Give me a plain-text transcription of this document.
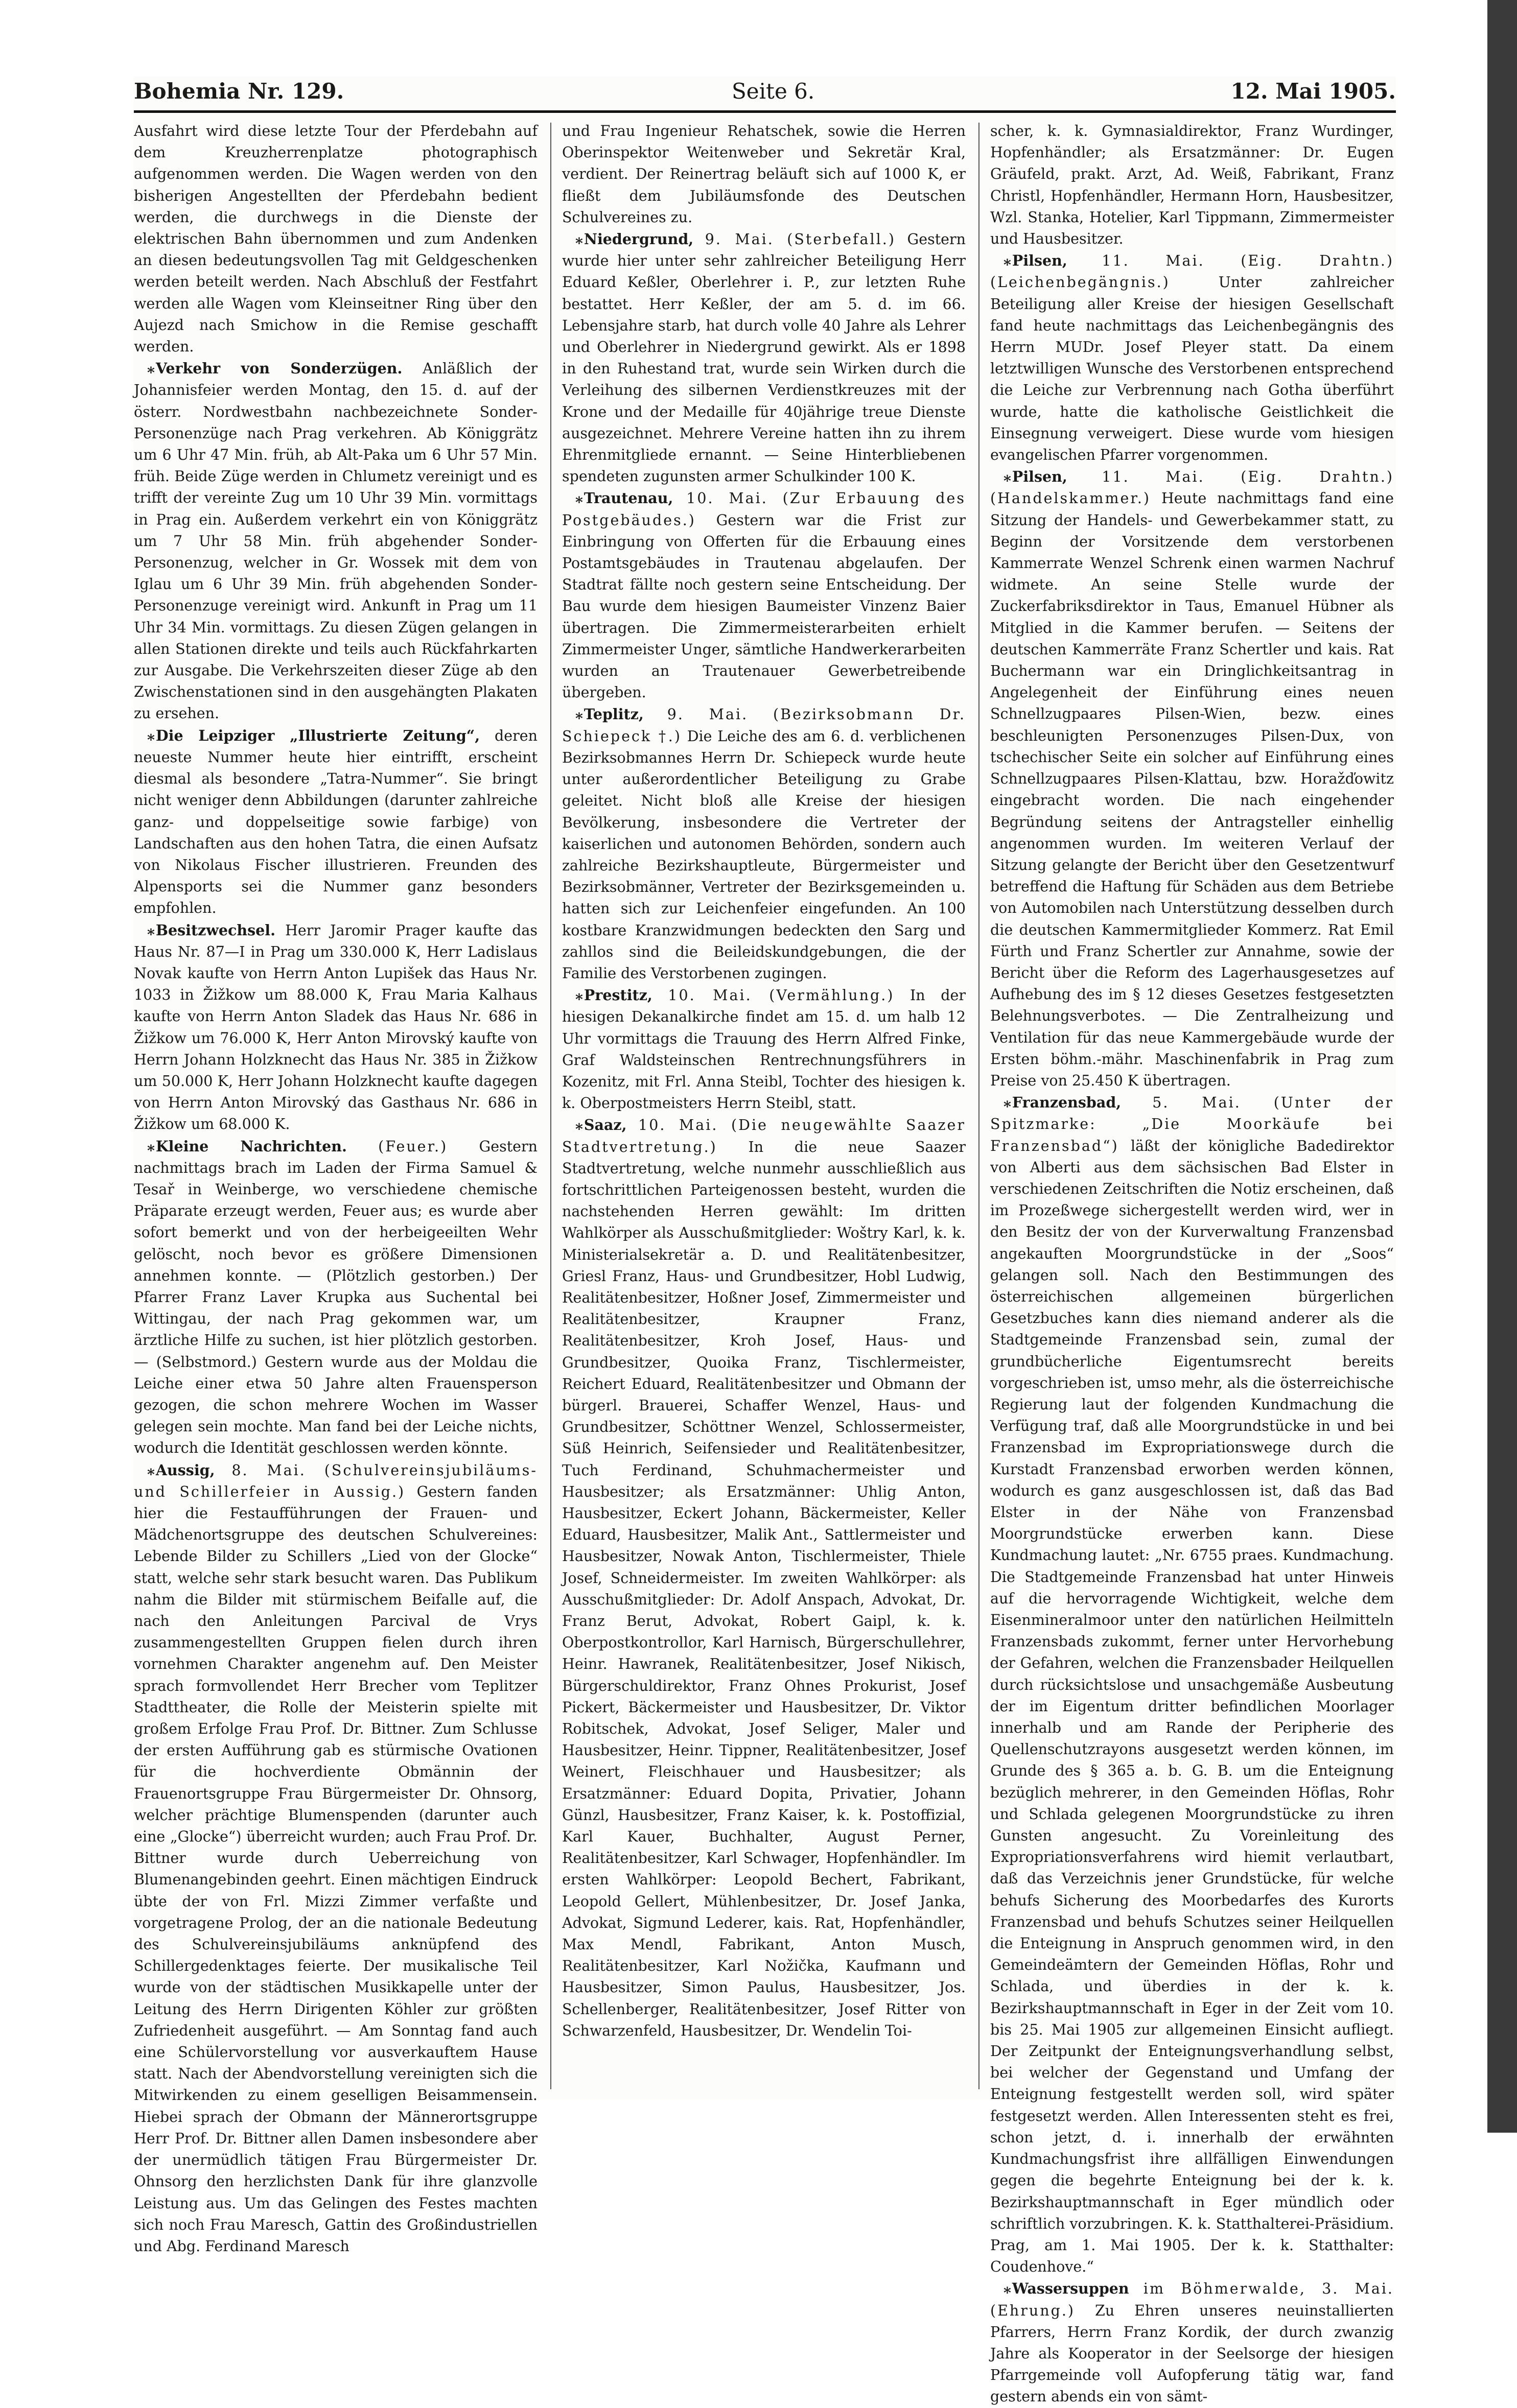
Bohemia Nr. 129.	Seite 6.	12. Mai 1905.

Ausfahrt wird diese letzte Tour der Pferdebahn auf dem Kreuzherrenplatze photographisch aufgenommen werden. Die Wagen werden von den bisherigen Angestellten der Pferdebahn bedient werden, die durchwegs in die Dienste der elektrischen Bahn übernommen und zum Andenken an diesen bedeutungsvollen Tag mit Geldgeschenken werden beteilt werden. Nach Abschluß der Festfahrt werden alle Wagen vom Kleinseitner Ring über den Aujezd nach Smichow in die Remise geschafft werden.

⁎ Verkehr von Sonderzügen. Anläßlich der Johannisfeier werden Montag, den 15. d. auf der österr. Nordwestbahn nachbezeichnete Sonder-Personenzüge nach Prag verkehren. Ab Königgrätz um 6 Uhr 47 Min. früh, ab Alt-Paka um 6 Uhr 57 Min. früh. Beide Züge werden in Chlumetz vereinigt und es trifft der vereinte Zug um 10 Uhr 39 Min. vormittags in Prag ein. Außerdem verkehrt ein von Königgrätz um 7 Uhr 58 Min. früh abgehender Sonder-Personenzug, welcher in Gr. Wossek mit dem von Iglau um 6 Uhr 39 Min. früh abgehenden Sonder-Personenzuge vereinigt wird. Ankunft in Prag um 11 Uhr 34 Min. vormittags. Zu diesen Zügen gelangen in allen Stationen direkte und teils auch Rückfahrkarten zur Ausgabe. Die Verkehrszeiten dieser Züge ab den Zwischenstationen sind in den ausgehängten Plakaten zu ersehen.

⁎ Die Leipziger „Illustrierte Zeitung“, deren neueste Nummer heute hier eintrifft, erscheint diesmal als besondere „Tatra-Nummer“. Sie bringt nicht weniger denn Abbildungen (darunter zahlreiche ganz- und doppelseitige sowie farbige) von Landschaften aus den hohen Tatra, die einen Aufsatz von Nikolaus Fischer illustrieren. Freunden des Alpensports sei die Nummer ganz besonders empfohlen.

⁎ Besitzwechsel. Herr Jaromir Prager kaufte das Haus Nr. 87—I in Prag um 330.000 K, Herr Ladislaus Novak kaufte von Herrn Anton Lupišek das Haus Nr. 1033 in Žižkow um 88.000 K, Frau Maria Kalhaus kaufte von Herrn Anton Sladek das Haus Nr. 686 in Žižkow um 76.000 K, Herr Anton Mirovský kaufte von Herrn Johann Holzknecht das Haus Nr. 385 in Žižkow um 50.000 K, Herr Johann Holzknecht kaufte dagegen von Herrn Anton Mirovský das Gasthaus Nr. 686 in Žižkow um 68.000 K.

⁎ Kleine Nachrichten. (Feuer.) Gestern nachmittags brach im Laden der Firma Samuel & Tesař in Weinberge, wo verschiedene chemische Präparate erzeugt werden, Feuer aus; es wurde aber sofort bemerkt und von der herbeigeeilten Wehr gelöscht, noch bevor es größere Dimensionen annehmen konnte. — (Plötzlich gestorben.) Der Pfarrer Franz Laver Krupka aus Suchental bei Wittingau, der nach Prag gekommen war, um ärztliche Hilfe zu suchen, ist hier plötzlich gestorben. — (Selbstmord.) Gestern wurde aus der Moldau die Leiche einer etwa 50 Jahre alten Frauensperson gezogen, die schon mehrere Wochen im Wasser gelegen sein mochte. Man fand bei der Leiche nichts, wodurch die Identität geschlossen werden könnte.

⁎ Aussig, 8. Mai. (Schulvereinsjubiläums- und Schillerfeier in Aussig.) Gestern fanden hier die Festaufführungen der Frauen- und Mädchenortsgruppe des deutschen Schulvereines: Lebende Bilder zu Schillers „Lied von der Glocke“ statt, welche sehr stark besucht waren. Das Publikum nahm die Bilder mit stürmischem Beifalle auf, die nach den Anleitungen Parcival de Vrys zusammengestellten Gruppen fielen durch ihren vornehmen Charakter angenehm auf. Den Meister sprach formvollendet Herr Brecher vom Teplitzer Stadttheater, die Rolle der Meisterin spielte mit großem Erfolge Frau Prof. Dr. Bittner. Zum Schlusse der ersten Aufführung gab es stürmische Ovationen für die hochverdiente Obmännin der Frauenortsgruppe Frau Bürgermeister Dr. Ohnsorg, welcher prächtige Blumenspenden (darunter auch eine „Glocke“) überreicht wurden; auch Frau Prof. Dr. Bittner wurde durch Ueberreichung von Blumenangebinden geehrt. Einen mächtigen Eindruck übte der von Frl. Mizzi Zimmer verfaßte und vorgetragene Prolog, der an die nationale Bedeutung des Schulvereinsjubiläums anknüpfend des Schillergedenktages feierte. Der musikalische Teil wurde von der städtischen Musikkapelle unter der Leitung des Herrn Dirigenten Köhler zur größten Zufriedenheit ausgeführt. — Am Sonntag fand auch eine Schülervorstellung vor ausverkauftem Hause statt. Nach der Abendvorstellung vereinigten sich die Mitwirkenden zu einem geselligen Beisammensein. Hiebei sprach der Obmann der Männerortsgruppe Herr Prof. Dr. Bittner allen Damen insbesondere aber der unermüdlich tätigen Frau Bürgermeister Dr. Ohnsorg den herzlichsten Dank für ihre glanzvolle Leistung aus. Um das Gelingen des Festes machten sich noch Frau Maresch, Gattin des Großindustriellen und Abg. Ferdinand Maresch

und Frau Ingenieur Rehatschek, sowie die Herren Oberinspektor Weitenweber und Sekretär Kral, verdient. Der Reinertrag beläuft sich auf 1000 K, er fließt dem Jubiläumsfonde des Deutschen Schulvereines zu.

⁎ Niedergrund, 9. Mai. (Sterbefall.) Gestern wurde hier unter sehr zahlreicher Beteiligung Herr Eduard Keßler, Oberlehrer i. P., zur letzten Ruhe bestattet. Herr Keßler, der am 5. d. im 66. Lebensjahre starb, hat durch volle 40 Jahre als Lehrer und Oberlehrer in Niedergrund gewirkt. Als er 1898 in den Ruhestand trat, wurde sein Wirken durch die Verleihung des silbernen Verdienstkreuzes mit der Krone und der Medaille für 40jährige treue Dienste ausgezeichnet. Mehrere Vereine hatten ihn zu ihrem Ehrenmitgliede ernannt. — Seine Hinterbliebenen spendeten zugunsten armer Schulkinder 100 K.

⁎ Trautenau, 10. Mai. (Zur Erbauung des Postgebäudes.) Gestern war die Frist zur Einbringung von Offerten für die Erbauung eines Postamtsgebäudes in Trautenau abgelaufen. Der Stadtrat fällte noch gestern seine Entscheidung. Der Bau wurde dem hiesigen Baumeister Vinzenz Baier übertragen. Die Zimmermeisterarbeiten erhielt Zimmermeister Unger, sämtliche Handwerkerarbeiten wurden an Trautenauer Gewerbetreibende übergeben.

⁎ Teplitz, 9. Mai. (Bezirksobmann Dr. Schiepeck †.) Die Leiche des am 6. d. verblichenen Bezirksobmannes Herrn Dr. Schiepeck wurde heute unter außerordentlicher Beteiligung zu Grabe geleitet. Nicht bloß alle Kreise der hiesigen Bevölkerung, insbesondere die Vertreter der kaiserlichen und autonomen Behörden, sondern auch zahlreiche Bezirkshauptleute, Bürgermeister und Bezirksobmänner, Vertreter der Bezirksgemeinden u. hatten sich zur Leichenfeier eingefunden. An 100 kostbare Kranzwidmungen bedeckten den Sarg und zahllos sind die Beileidskundgebungen, die der Familie des Verstorbenen zugingen.

⁎ Prestitz, 10. Mai. (Vermählung.) In der hiesigen Dekanalkirche findet am 15. d. um halb 12 Uhr vormittags die Trauung des Herrn Alfred Finke, Graf Waldsteinschen Rentrechnungsführers in Kozenitz, mit Frl. Anna Steibl, Tochter des hiesigen k. k. Oberpostmeisters Herrn Steibl, statt.

⁎ Saaz, 10. Mai. (Die neugewählte Saazer Stadtvertretung.) In die neue Saazer Stadtvertretung, welche nunmehr ausschließlich aus fortschrittlichen Parteigenossen besteht, wurden die nachstehenden Herren gewählt: Im dritten Wahlkörper als Ausschußmitglieder: Woštry Karl, k. k. Ministerialsekretär a. D. und Realitätenbesitzer, Griesl Franz, Haus- und Grundbesitzer, Hobl Ludwig, Realitätenbesitzer, Hoßner Josef, Zimmermeister und Realitätenbesitzer, Kraupner Franz, Realitätenbesitzer, Kroh Josef, Haus- und Grundbesitzer, Quoika Franz, Tischlermeister, Reichert Eduard, Realitätenbesitzer und Obmann der bürgerl. Brauerei, Schaffer Wenzel, Haus- und Grundbesitzer, Schöttner Wenzel, Schlossermeister, Süß Heinrich, Seifensieder und Realitätenbesitzer, Tuch Ferdinand, Schuhmachermeister und Hausbesitzer; als Ersatzmänner: Uhlig Anton, Hausbesitzer, Eckert Johann, Bäckermeister, Keller Eduard, Hausbesitzer, Malik Ant., Sattlermeister und Hausbesitzer, Nowak Anton, Tischlermeister, Thiele Josef, Schneidermeister. Im zweiten Wahlkörper: als Ausschußmitglieder: Dr. Adolf Anspach, Advokat, Dr. Franz Berut, Advokat, Robert Gaipl, k. k. Oberpostkontrollor, Karl Harnisch, Bürgerschullehrer, Heinr. Hawranek, Realitätenbesitzer, Josef Nikisch, Bürgerschuldirektor, Franz Ohnes Prokurist, Josef Pickert, Bäckermeister und Hausbesitzer, Dr. Viktor Robitschek, Advokat, Josef Seliger, Maler und Hausbesitzer, Heinr. Tippner, Realitätenbesitzer, Josef Weinert, Fleischhauer und Hausbesitzer; als Ersatzmänner: Eduard Dopita, Privatier, Johann Günzl, Hausbesitzer, Franz Kaiser, k. k. Postoffizial, Karl Kauer, Buchhalter, August Perner, Realitätenbesitzer, Karl Schwager, Hopfenhändler. Im ersten Wahlkörper: Leopold Bechert, Fabrikant, Leopold Gellert, Mühlenbesitzer, Dr. Josef Janka, Advokat, Sigmund Lederer, kais. Rat, Hopfenhändler, Max Mendl, Fabrikant, Anton Musch, Realitätenbesitzer, Karl Nožička, Kaufmann und Hausbesitzer, Simon Paulus, Hausbesitzer, Jos. Schellenberger, Realitätenbesitzer, Josef Ritter von Schwarzenfeld, Hausbesitzer, Dr. Wendelin Toi-

scher, k. k. Gymnasialdirektor, Franz Wurdinger, Hopfenhändler; als Ersatzmänner: Dr. Eugen Gräufeld, prakt. Arzt, Ad. Weiß, Fabrikant, Franz Christl, Hopfenhändler, Hermann Horn, Hausbesitzer, Wzl. Stanka, Hotelier, Karl Tippmann, Zimmermeister und Hausbesitzer.

⁎ Pilsen, 11. Mai. (Eig. Drahtn.) (Leichenbegängnis.)	Unter zahlreicher Beteiligung aller Kreise der hiesigen Gesellschaft fand heute nachmittags das Leichenbegängnis des Herrn MUDr. Josef Pleyer statt. Da einem letztwilligen Wunsche des Verstorbenen entsprechend die Leiche zur Verbrennung nach Gotha überführt wurde, hatte die katholische Geistlichkeit die Einsegnung verweigert. Diese wurde vom hiesigen evangelischen Pfarrer vorgenommen.

⁎ Pilsen, 11. Mai. (Eig. Drahtn.) (Handelskammer.) Heute nachmittags fand eine Sitzung der Handels- und Gewerbekammer statt, zu Beginn der Vorsitzende dem verstorbenen Kammerrate Wenzel Schrenk einen warmen Nachruf widmete. An seine Stelle wurde der Zuckerfabriksdirektor in Taus, Emanuel Hübner als Mitglied in die Kammer berufen. — Seitens der deutschen Kammerräte Franz Schertler und kais. Rat Buchermann war ein Dringlichkeitsantrag in Angelegenheit der Einführung eines neuen Schnellzugpaares Pilsen-Wien, bezw. eines beschleunigten Personenzuges Pilsen-Dux, von tschechischer Seite ein solcher auf Einführung eines Schnellzugpaares Pilsen-Klattau, bzw. Horažďowitz eingebracht worden. Die nach eingehender Begründung seitens der Antragsteller einhellig angenommen wurden. Im weiteren Verlauf der Sitzung gelangte der Bericht über den Gesetzentwurf betreffend die Haftung für Schäden aus dem Betriebe von Automobilen nach Unterstützung desselben durch die deutschen Kammermitglieder Kommerz. Rat Emil Fürth und Franz Schertler zur Annahme, sowie der Bericht über die Reform des Lagerhausgesetzes auf Aufhebung des im § 12 dieses Gesetzes festgesetzten Belehnungsverbotes. — Die Zentralheizung und Ventilation für das neue Kammergebäude wurde der Ersten böhm.-mähr. Maschinenfabrik in Prag zum Preise von 25.450 K übertragen.

⁎ Franzensbad, 5. Mai. (Unter der Spitzmarke: „Die Moorkäufe bei Franzensbad“) läßt der königliche Badedirektor von Alberti aus dem sächsischen Bad Elster in verschiedenen Zeitschriften die Notiz erscheinen, daß im Prozeßwege sichergestellt werden wird, wer in den Besitz der von der Kurverwaltung Franzensbad angekauften Moorgrundstücke in der „Soos“ gelangen soll. Nach den Bestimmungen des österreichischen allgemeinen bürgerlichen Gesetzbuches kann dies niemand anderer als die Stadtgemeinde Franzensbad sein, zumal der grundbücherliche Eigentumsrecht bereits vorgeschrieben ist, umso mehr, als die österreichische Regierung laut der folgenden Kundmachung die Verfügung traf, daß alle Moorgrundstücke in und bei Franzensbad im Expropriationswege durch die Kurstadt Franzensbad erworben werden können, wodurch es ganz ausgeschlossen ist, daß das Bad Elster in der Nähe von Franzensbad Moorgrundstücke erwerben kann. Diese Kundmachung lautet: „Nr. 6755 praes. Kundmachung. Die Stadtgemeinde Franzensbad hat unter Hinweis auf die hervorragende Wichtigkeit, welche dem Eisenmineralmoor unter den natürlichen Heilmitteln Franzensbads zukommt, ferner unter Hervorhebung der Gefahren, welchen die Franzensbader Heilquellen durch rücksichtslose und unsachgemäße Ausbeutung der im Eigentum dritter befindlichen Moorlager innerhalb und am Rande der Peripherie des Quellenschutzrayons ausgesetzt werden können, im Grunde des § 365 a. b. G. B. um die Enteignung bezüglich mehrerer, in den Gemeinden Höflas, Rohr und Schlada gelegenen Moorgrundstücke zu ihren Gunsten angesucht. Zu Voreinleitung des Expropriationsverfahrens wird hiemit verlautbart, daß das Verzeichnis jener Grundstücke, für welche behufs Sicherung des Moorbedarfes des Kurorts Franzensbad und behufs Schutzes seiner Heilquellen die Enteignung in Anspruch genommen wird, in den Gemeindeämtern der Gemeinden Höflas, Rohr und Schlada, und überdies in der k. k. Bezirkshauptmannschaft in Eger in der Zeit vom 10. bis 25. Mai 1905 zur allgemeinen Einsicht aufliegt. Der Zeitpunkt der Enteignungsverhandlung selbst, bei welcher der Gegenstand und Umfang der Enteignung festgestellt werden soll, wird später festgesetzt werden. Allen Interessenten steht es frei, schon jetzt, d. i. innerhalb der erwähnten Kundmachungsfrist ihre allfälligen Einwendungen gegen die begehrte Enteignung bei der k. k. Bezirkshauptmannschaft in Eger mündlich oder schriftlich vorzubringen. K. k. Statthalterei-Präsidium. Prag, am 1. Mai 1905. Der k. k. Statthalter: Coudenhove.“

⁎ Wassersuppen im Böhmerwalde, 3. Mai. (Ehrung.) Zu Ehren unseres neuinstallierten Pfarrers, Herrn Franz Kordik, der durch zwanzig Jahre als Kooperator in der Seelsorge der hiesigen Pfarrgemeinde voll Aufopferung tätig war, fand gestern abends ein von sämt-
